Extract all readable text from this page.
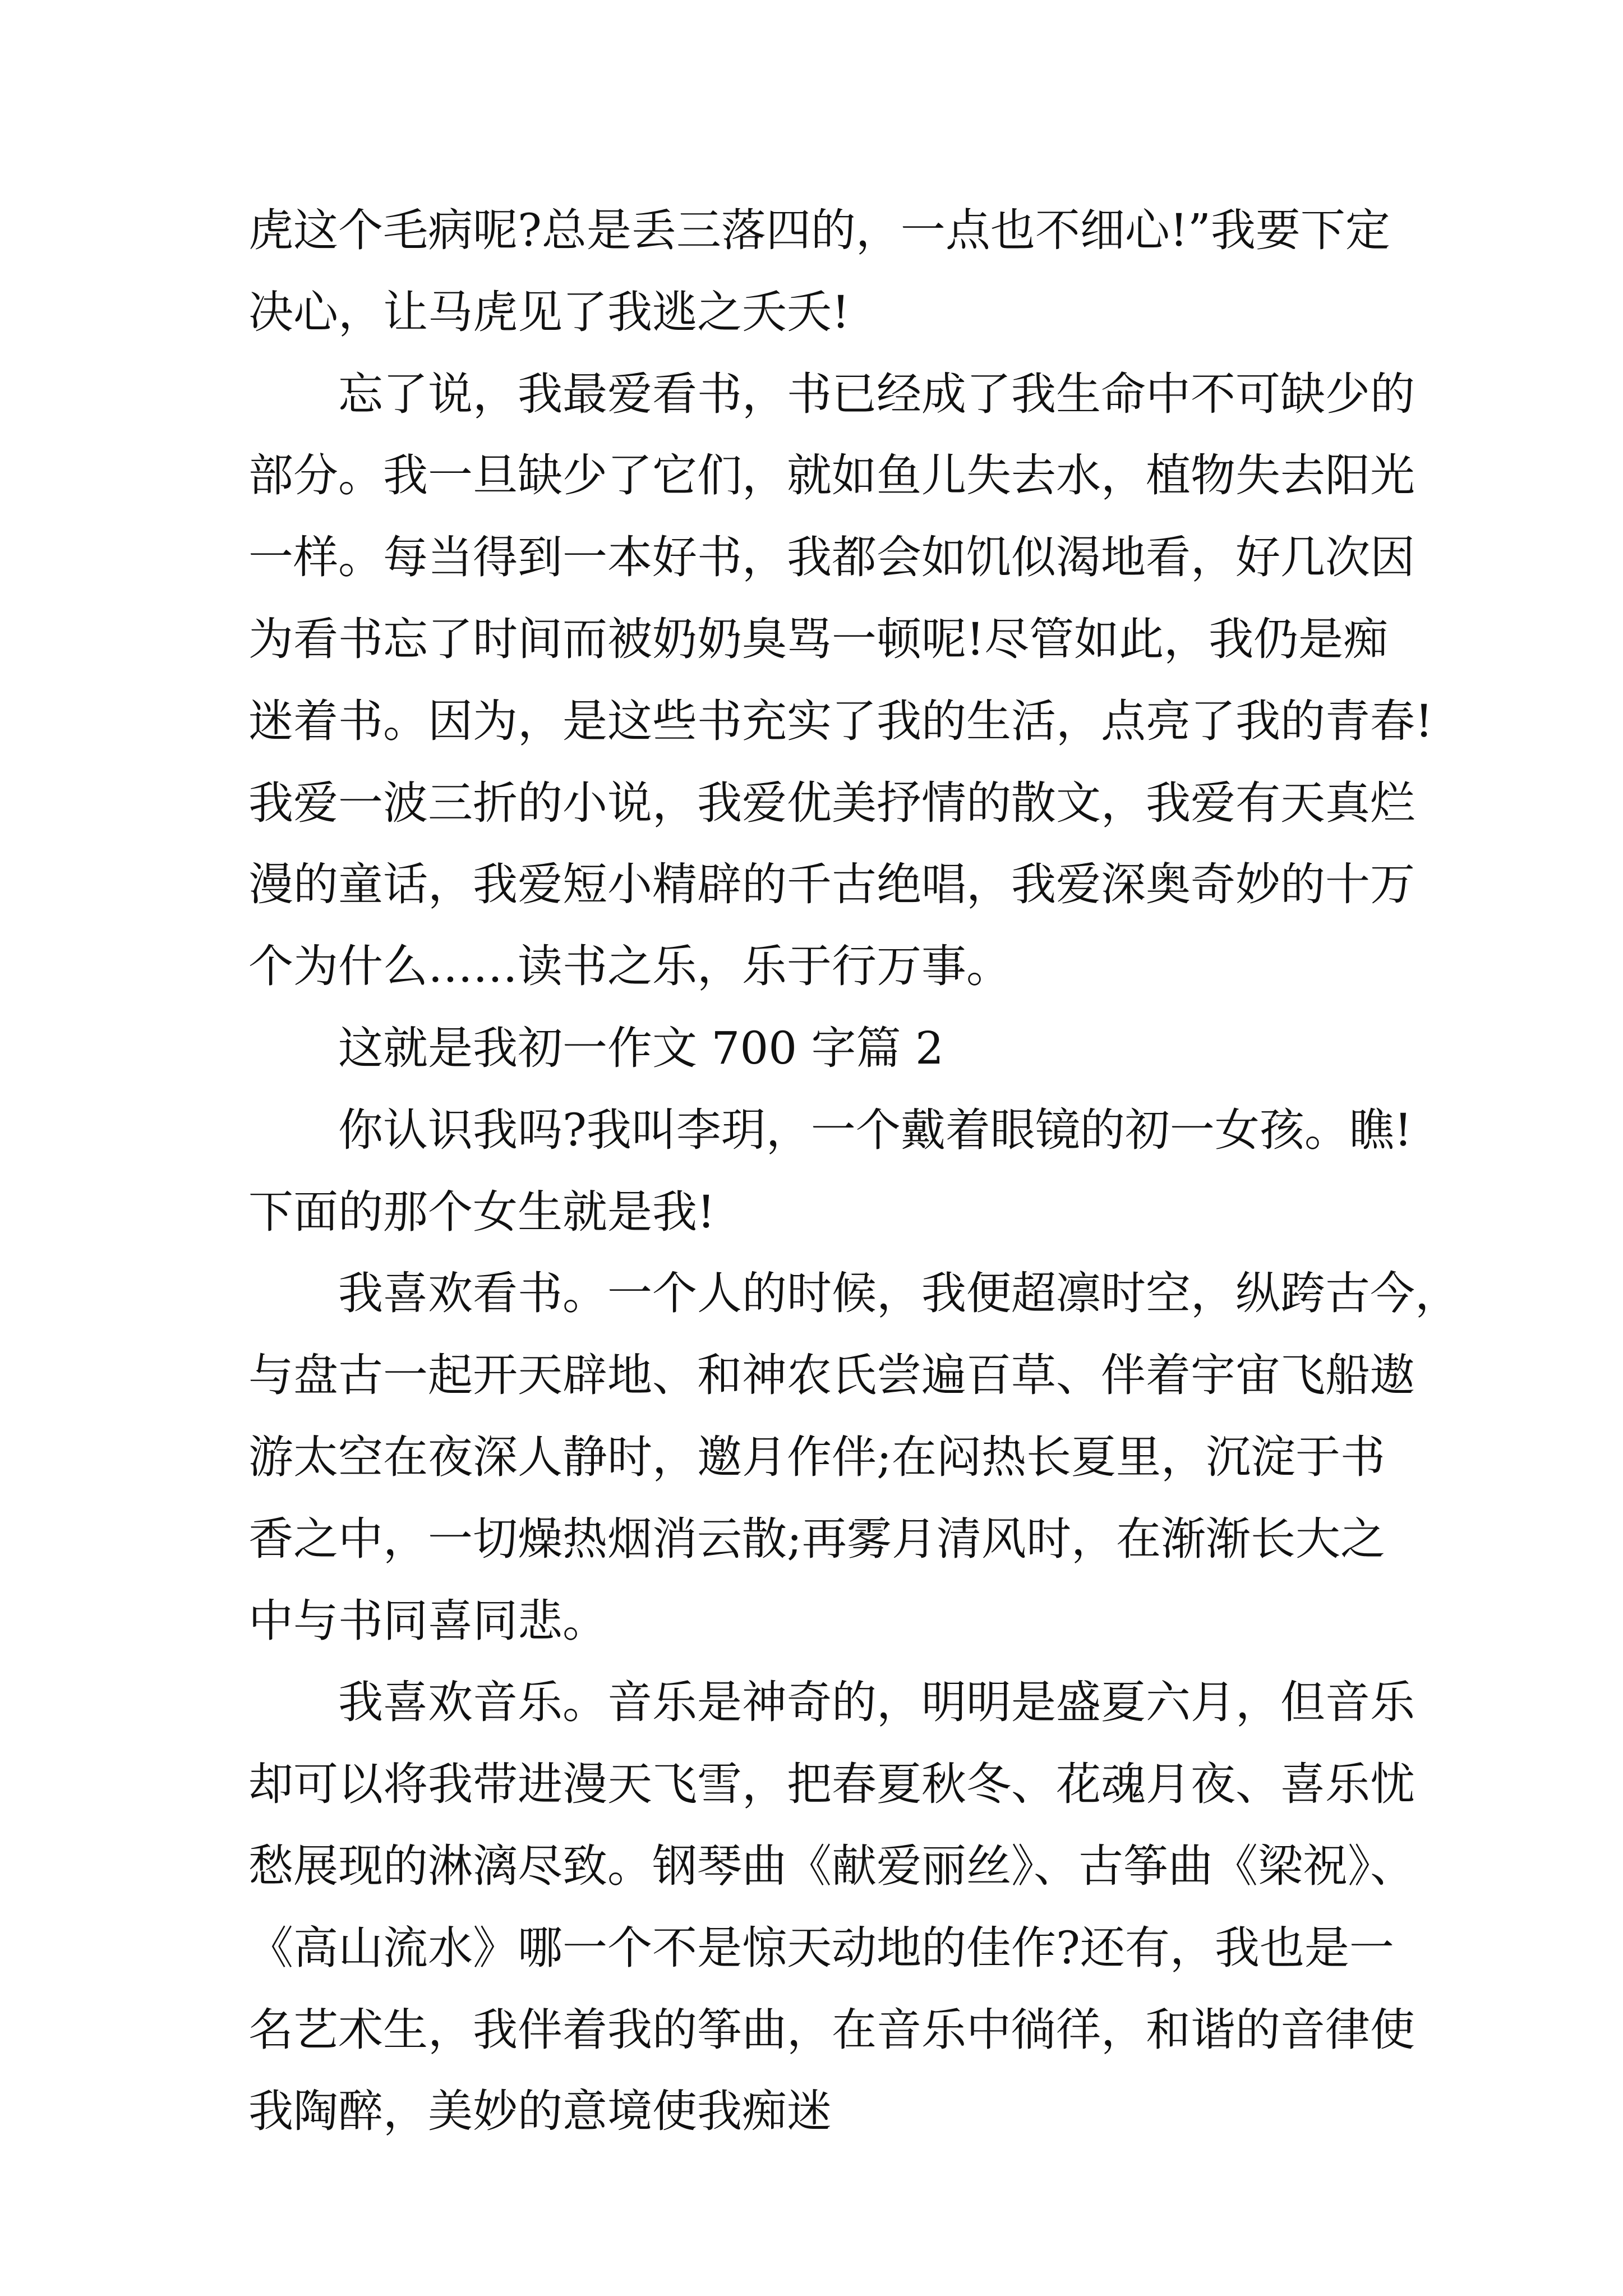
虎这个毛病呢?总是丢三落四的，一点也不细心!”我要下定
决心，让马虎见了我逃之夭夭!
忘了说，我最爱看书，书已经成了我生命中不可缺少的
部分。我一旦缺少了它们，就如鱼儿失去水，植物失去阳光
一样。每当得到一本好书，我都会如饥似渴地看，好几次因
为看书忘了时间而被奶奶臭骂一顿呢!尽管如此，我仍是痴
迷着书。因为，是这些书充实了我的生活，点亮了我的青春!
我爱一波三折的小说，我爱优美抒情的散文，我爱有天真烂
漫的童话，我爱短小精辟的千古绝唱，我爱深奥奇妙的十万
个为什么……读书之乐，乐于行万事。
这就是我初一作文 700 字篇 2
你认识我吗?我叫李玥，一个戴着眼镜的初一女孩。瞧!
下面的那个女生就是我!
我喜欢看书。一个人的时候，我便超凛时空，纵跨古今，
与盘古一起开天辟地、和神农氏尝遍百草、伴着宇宙飞船遨
游太空在夜深人静时，邀月作伴;在闷热长夏里，沉淀于书
香之中，一切燥热烟消云散;再雾月清风时，在渐渐长大之
中与书同喜同悲。
我喜欢音乐。音乐是神奇的，明明是盛夏六月，但音乐
却可以将我带进漫天飞雪，把春夏秋冬、花魂月夜、喜乐忧
愁展现的淋漓尽致。钢琴曲《献爱丽丝》、古筝曲《梁祝》、
《高山流水》哪一个不是惊天动地的佳作?还有，我也是一
名艺术生，我伴着我的筝曲，在音乐中徜徉，和谐的音律使
我陶醉，美妙的意境使我痴迷
